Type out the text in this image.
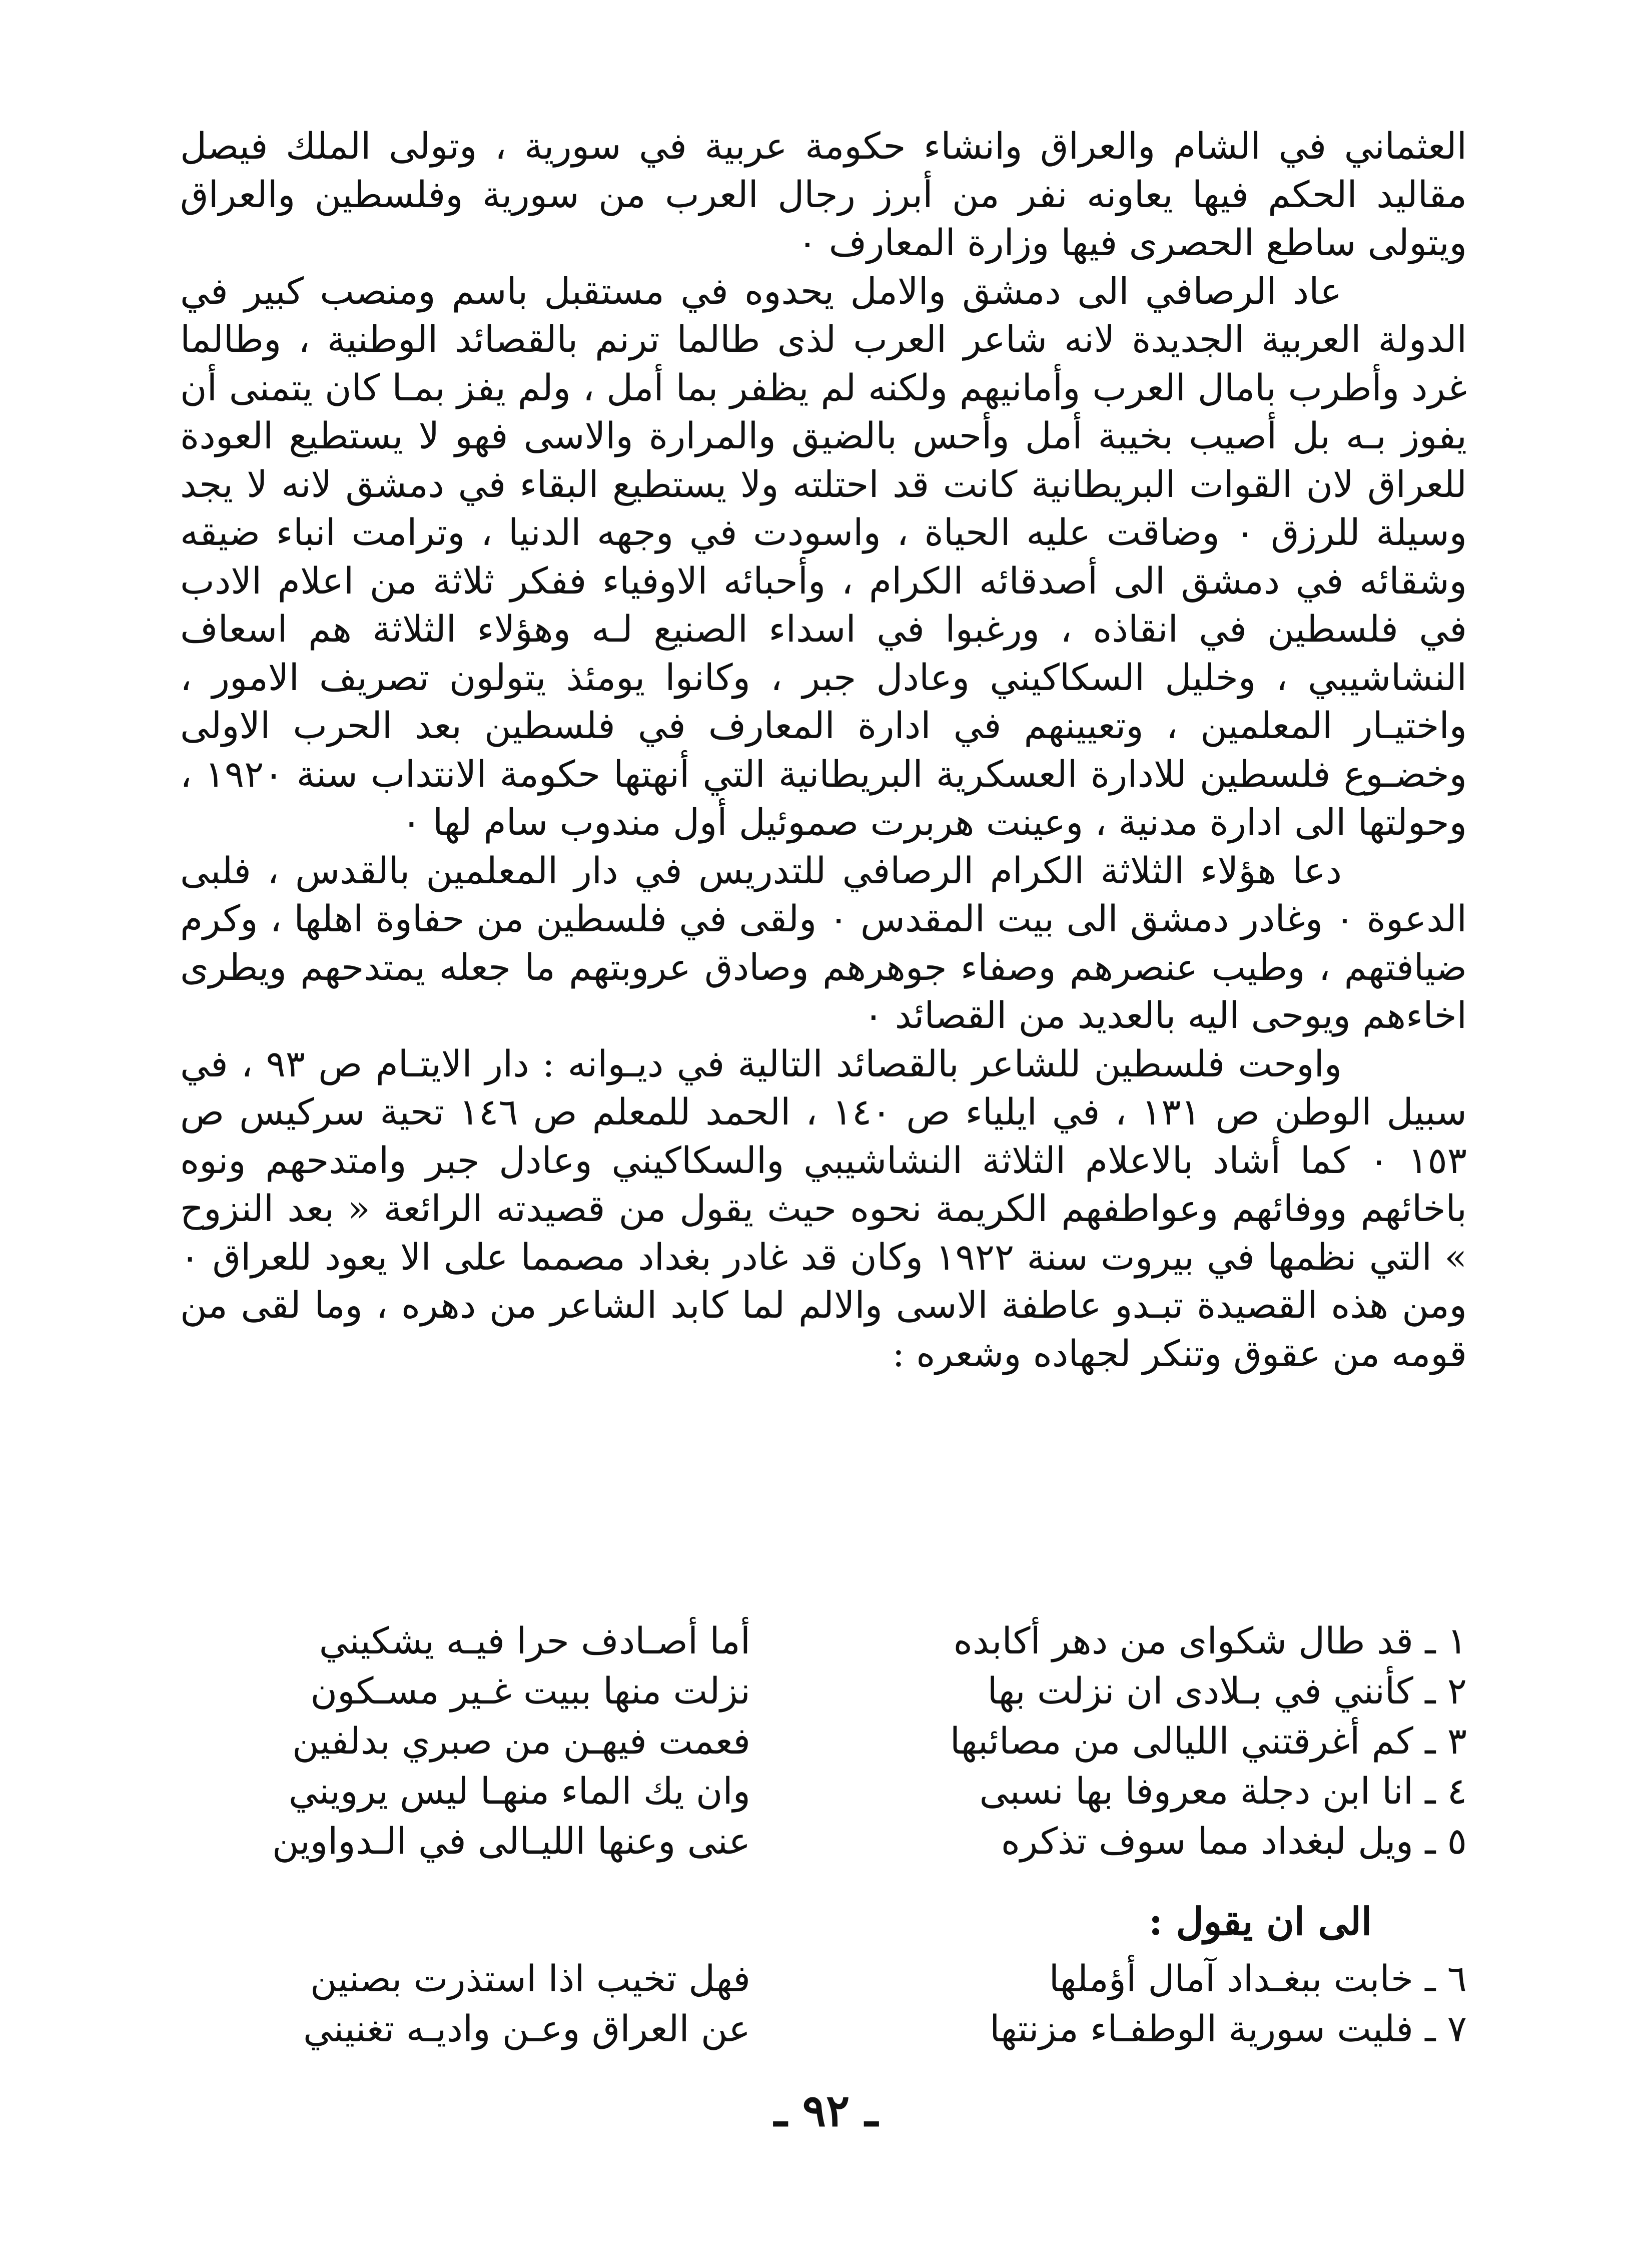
العثماني في الشام والعراق وانشاء حكومة عربية في سورية ، وتولى الملك فيصل مقاليد الحكم فيها يعاونه نفر من أبرز رجال العرب من سورية وفلسطين والعراق ويتولى ساطع الحصرى فيها وزارة المعارف ٠

عاد الرصافي الى دمشق والامل يحدوه في مستقبل باسم ومنصب كبير في الدولة العربية الجديدة لانه شاعر العرب لذى طالما ترنم بالقصائد الوطنية ، وطالما غرد وأطرب بامال العرب وأمانيهم ولكنه لم يظفر بما أمل ، ولم يفز بمـا كان يتمنى أن يفوز بـه بل أصيب بخيبة أمل وأحس بالضيق والمرارة والاسى فهو لا يستطيع العودة للعراق لان القوات البريطانية كانت قد احتلته ولا يستطيع البقاء في دمشق لانه لا يجد وسيلة للرزق ٠ وضاقت عليه الحياة ، واسودت في وجهه الدنيا ، وترامت انباء ضيقه وشقائه في دمشق الى أصدقائه الكرام ، وأحبائه الاوفياء ففكر ثلاثة من اعلام الادب في فلسطين في انقاذه ، ورغبوا في اسداء الصنيع لـه وهؤلاء الثلاثة هم اسعاف النشاشيبي ، وخليل السكاكيني وعادل جبر ، وكانوا يومئذ يتولون تصريف الامور ، واختيـار المعلمين ، وتعيينهم في ادارة المعارف في فلسطين بعد الحرب الاولى وخضـوع فلسطين للادارة العسكرية البريطانية التي أنهتها حكومة الانتداب سنة ١٩٢٠ ، وحولتها الى ادارة مدنية ، وعينت هربرت صموئيل أول مندوب سام لها ٠

دعا هؤلاء الثلاثة الكرام الرصافي للتدريس في دار المعلمين بالقدس ، فلبى الدعوة ٠ وغادر دمشق الى بيت المقدس ٠ ولقى في فلسطين من حفاوة اهلها ، وكرم ضيافتهم ، وطيب عنصرهم وصفاء جوهرهم وصادق عروبتهم ما جعله يمتدحهم ويطرى اخاءهم ويوحى اليه بالعديد من القصائد ٠

واوحت فلسطين للشاعر بالقصائد التالية في ديـوانه : دار الايتـام ص ٩٣ ، في سبيل الوطن ص ١٣١ ، في ايلياء ص ١٤٠ ، الحمد للمعلم ص ١٤٦ تحية سركيس ص ١٥٣ ٠ كما أشاد بالاعلام الثلاثة النشاشيبي والسكاكيني وعادل جبر وامتدحهم ونوه باخائهم ووفائهم وعواطفهم الكريمة نحوه حيث يقول من قصيدته الرائعة « بعد النزوح » التي نظمها في بيروت سنة ١٩٢٢ وكان قد غادر بغداد مصمما على الا يعود للعراق ٠ ومن هذه القصيدة تبـدو عاطفة الاسى والالم لما كابد الشاعر من دهره ، وما لقى من قومه من عقوق وتنكر لجهاده وشعره :

١ ـ قد طال شكواى من دهر أكابده
أما أصـادف حرا فيـه يشكيني
٢ ـ كأنني في بـلادى ان نزلت بها
نزلت منها ببيت غـير مسـكون
٣ ـ كم أغرقتني الليالى من مصائبها
فعمت فيهـن من صبري بدلفين
٤ ـ انا ابن دجلة معروفا بها نسبى
وان يك الماء منهـا ليس يرويني
٥ ـ ويل لبغداد مما سوف تذكره
عنى وعنها الليـالى في الـدواوين
الى ان يقول :
٦ ـ خابت ببغـداد آمال أؤملها
فهل تخيب اذا استذرت بصنين
٧ ـ فليت سورية الوطفـاء مزنتها
عن العراق وعـن واديـه تغنيني
ـ ٩٢ ـ
